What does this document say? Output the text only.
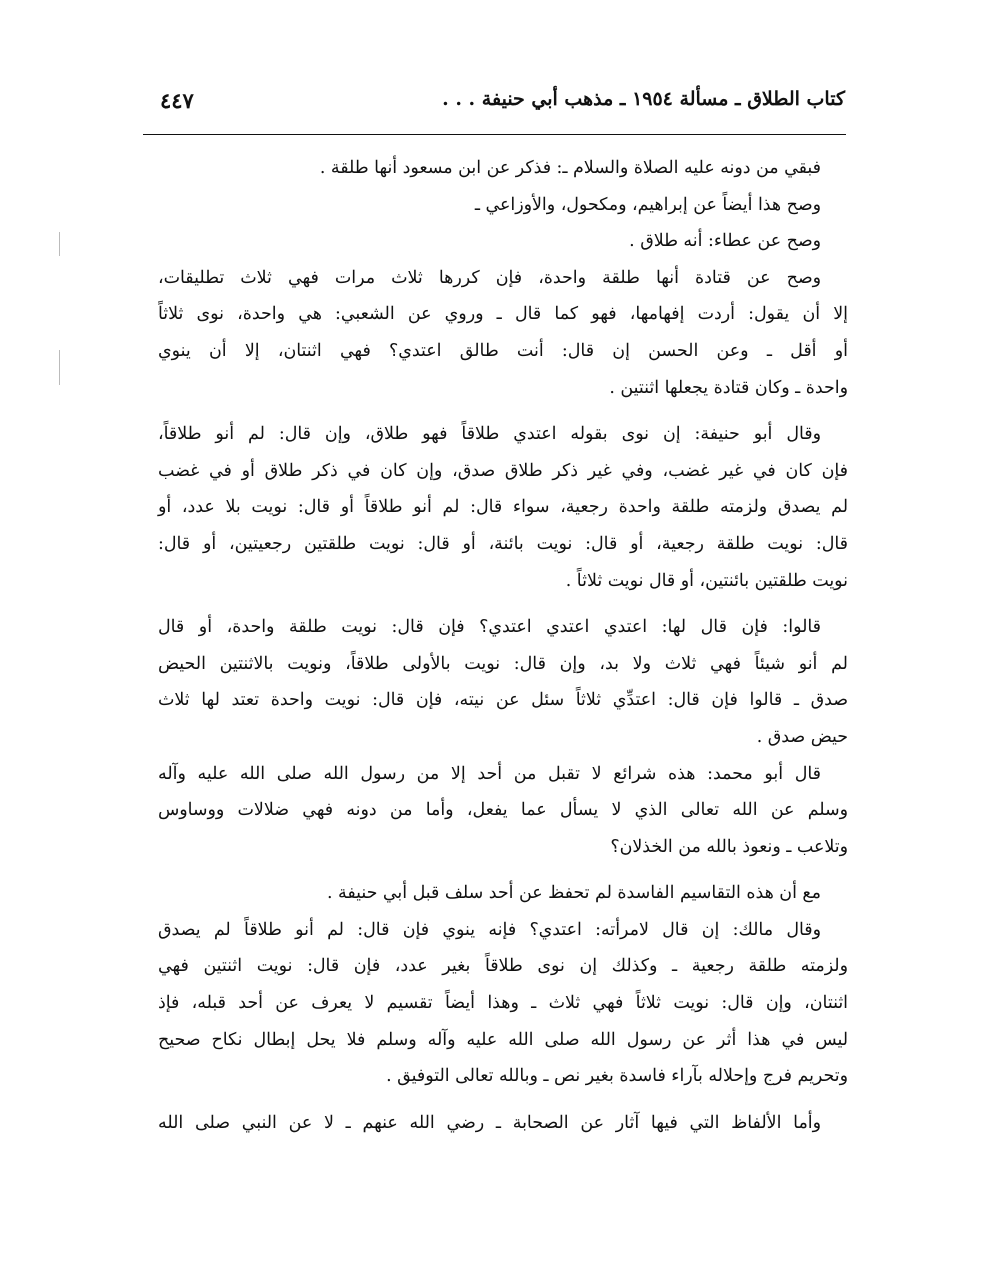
كتاب الطلاق ـ مسألة ١٩٥٤ ـ مذهب أبي حنيفة . . .
٤٤٧
فبقي من دونه عليه الصلاة والسلام ـ: فذكر عن ابن مسعود أنها طلقة .
وصح هذا أيضاً عن إبراهيم، ومكحول، والأوزاعي ـ
وصح عن عطاء: أنه طلاق .
وصح عن قتادة أنها طلقة واحدة، فإن كررها ثلاث مرات فهي ثلاث تطليقات،
إلا أن يقول: أردت إفهامها، فهو كما قال ـ وروي عن الشعبي: هي واحدة، نوى ثلاثاً
أو أقل ـ وعن الحسن إن قال: أنت طالق اعتدي؟ فهي اثنتان، إلا أن ينوي
واحدة ـ وكان قتادة يجعلها اثنتين .
وقال أبو حنيفة: إن نوى بقوله اعتدي طلاقاً فهو طلاق، وإن قال: لم أنو طلاقاً،
فإن كان في غير غضب، وفي غير ذكر طلاق صدق، وإن كان في ذكر طلاق أو في غضب
لم يصدق ولزمته طلقة واحدة رجعية، سواء قال: لم أنو طلاقاً أو قال: نويت بلا عدد، أو
قال: نويت طلقة رجعية، أو قال: نويت بائنة، أو قال: نويت طلقتين رجعيتين، أو قال:
نويت طلقتين بائنتين، أو قال نويت ثلاثاً .
قالوا: فإن قال لها: اعتدي اعتدي اعتدي؟ فإن قال: نويت طلقة واحدة، أو قال
لم أنو شيئاً فهي ثلاث ولا بد، وإن قال: نويت بالأولى طلاقاً، ونويت بالاثنتين الحيض
صدق ـ قالوا فإن قال: اعتدِّي ثلاثاً سئل عن نيته، فإن قال: نويت واحدة تعتد لها ثلاث
حيض صدق .
قال أبو محمد: هذه شرائع لا تقبل من أحد إلا من رسول الله صلى الله عليه وآله
وسلم عن الله تعالى الذي لا يسأل عما يفعل، وأما من دونه فهي ضلالات ووساوس
وتلاعب ـ ونعوذ بالله من الخذلان؟
مع أن هذه التقاسيم الفاسدة لم تحفظ عن أحد سلف قبل أبي حنيفة .
وقال مالك: إن قال لامرأته: اعتدي؟ فإنه ينوي فإن قال: لم أنو طلاقاً لم يصدق
ولزمته طلقة رجعية ـ وكذلك إن نوى طلاقاً بغير عدد، فإن قال: نويت اثنتين فهي
اثنتان، وإن قال: نويت ثلاثاً فهي ثلاث ـ وهذا أيضاً تقسيم لا يعرف عن أحد قبله، فإذ
ليس في هذا أثر عن رسول الله صلى الله عليه وآله وسلم فلا يحل إبطال نكاح صحيح
وتحريم فرج وإحلاله بآراء فاسدة بغير نص ـ وبالله تعالى التوفيق .
وأما الألفاظ التي فيها آثار عن الصحابة ـ رضي الله عنهم ـ لا عن النبي صلى الله
